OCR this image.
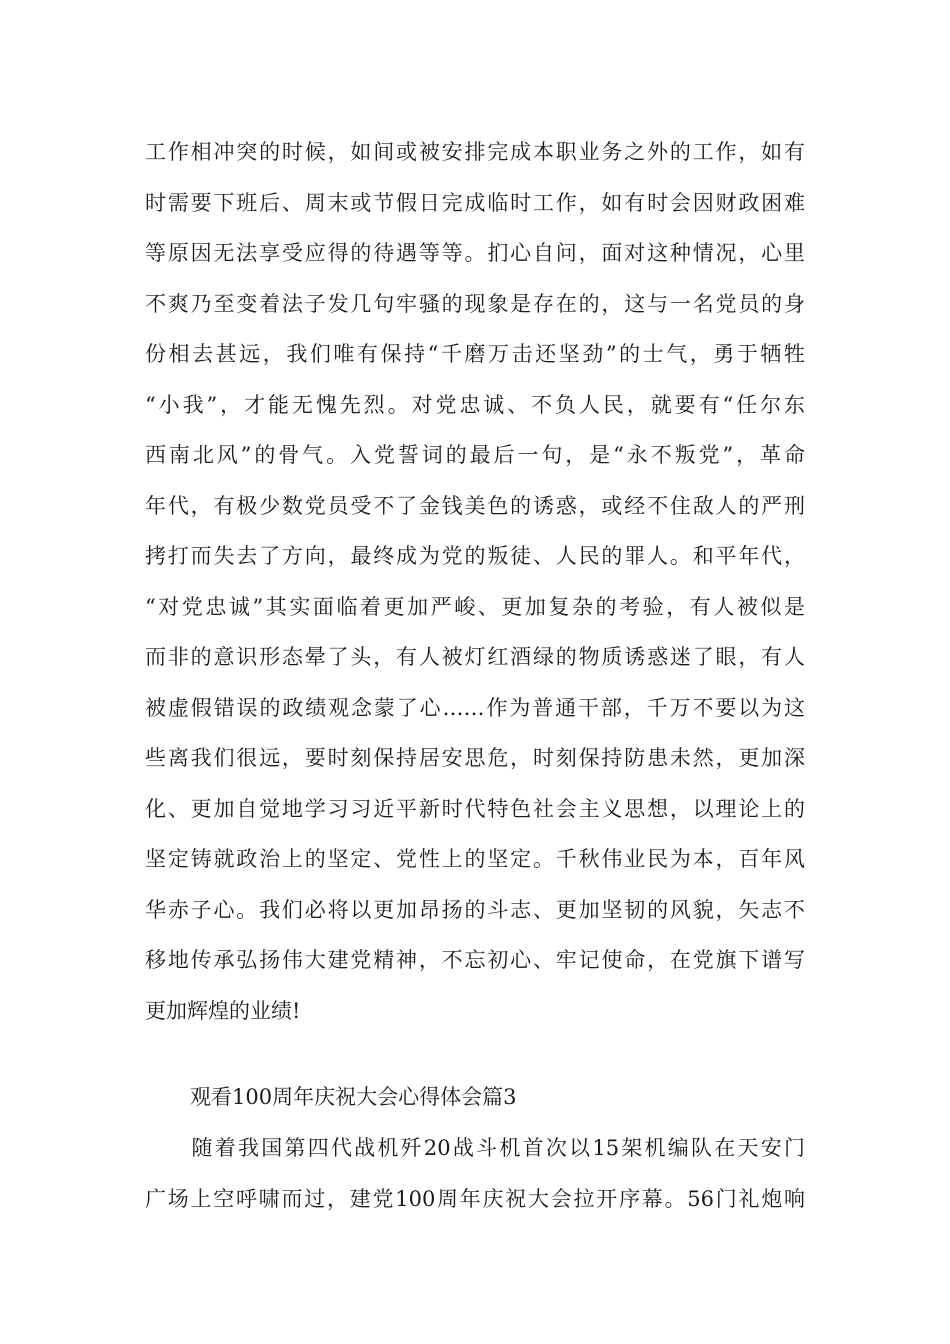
工作相冲突的时候，如间或被安排完成本职业务之外的工作，如有
时需要下班后、周末或节假日完成临时工作，如有时会因财政困难
等原因无法享受应得的待遇等等。扪心自问，面对这种情况，心里
不爽乃至变着法子发几句牢骚的现象是存在的，这与一名党员的身
份相去甚远，我们唯有保持“千磨万击还坚劲”的士气，勇于牺牲
“小我”，才能无愧先烈。对党忠诚、不负人民，就要有“任尔东
西南北风”的骨气。入党誓词的最后一句，是“永不叛党”，革命
年代，有极少数党员受不了金钱美色的诱惑，或经不住敌人的严刑
拷打而失去了方向，最终成为党的叛徒、人民的罪人。和平年代，
“对党忠诚”其实面临着更加严峻、更加复杂的考验，有人被似是
而非的意识形态晕了头，有人被灯红酒绿的物质诱惑迷了眼，有人
被虚假错误的政绩观念蒙了心……作为普通干部，千万不要以为这
些离我们很远，要时刻保持居安思危，时刻保持防患未然，更加深
化、更加自觉地学习习近平新时代特色社会主义思想，以理论上的
坚定铸就政治上的坚定、党性上的坚定。千秋伟业民为本，百年风
华赤子心。我们必将以更加昂扬的斗志、更加坚韧的风貌，矢志不
移地传承弘扬伟大建党精神，不忘初心、牢记使命，在党旗下谱写
更加辉煌的业绩!
观看100周年庆祝大会心得体会篇3
　　随着我国第四代战机歼20战斗机首次以15架机编队在天安门
广场上空呼啸而过，建党100周年庆祝大会拉开序幕。56门礼炮响
